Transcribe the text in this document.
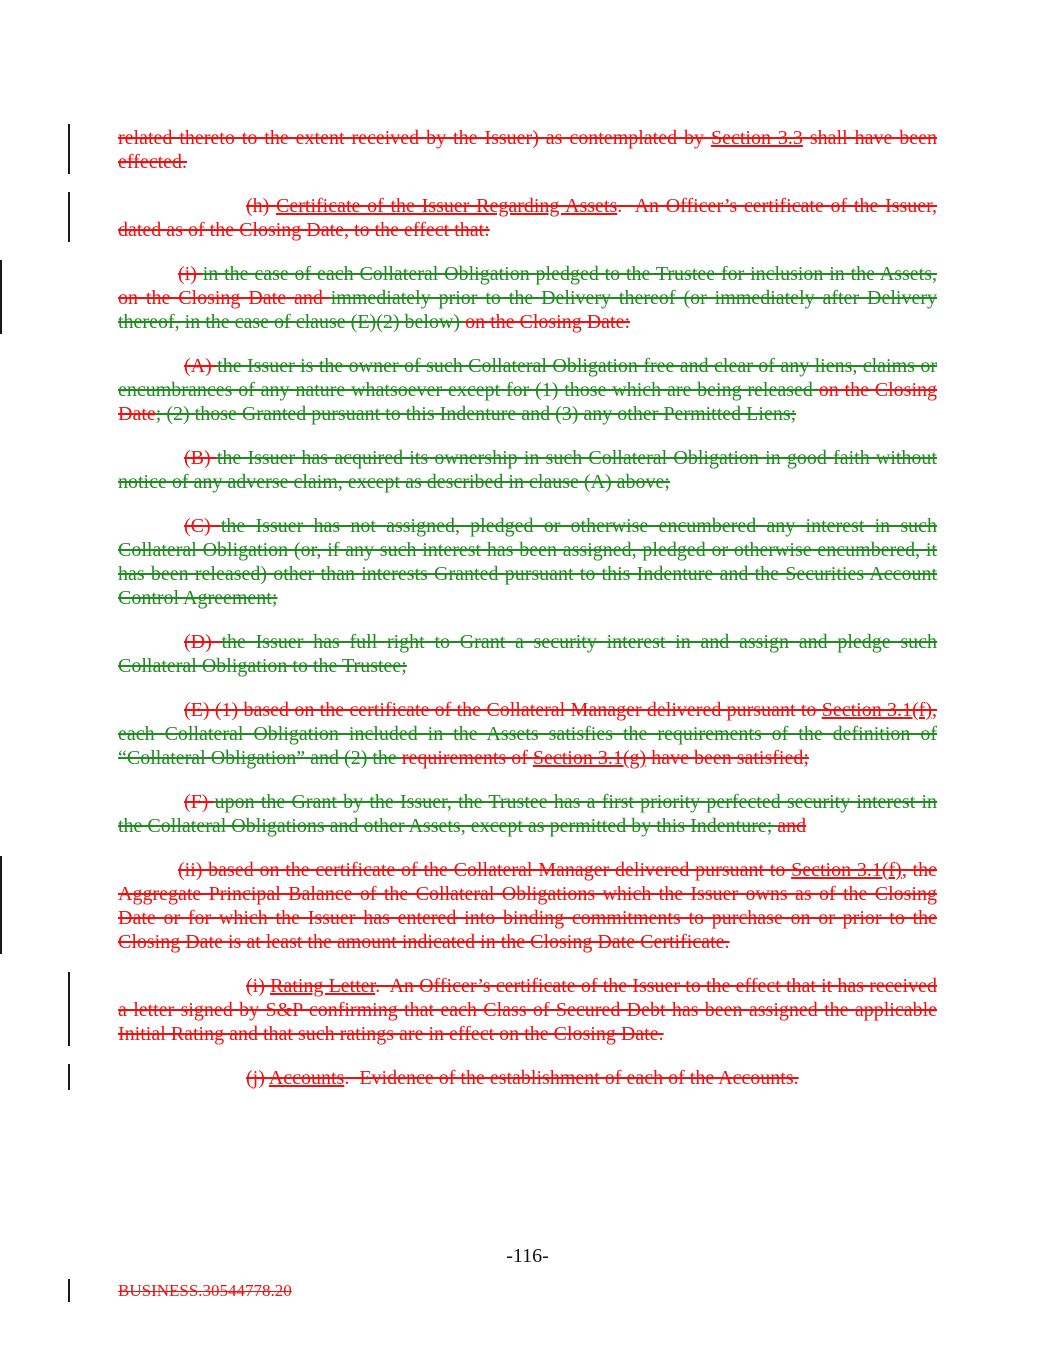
related thereto to the extent received by the Issuer) as contemplated by Section 3.3 shall have been effected.

(h) Certificate of the Issuer Regarding Assets.  An Officer’s certificate of the Issuer, dated as of the Closing Date, to the effect that:

(i) in the case of each Collateral Obligation pledged to the Trustee for inclusion in the Assets, on the Closing Date and immediately prior to the Delivery thereof (or immediately after Delivery thereof, in the case of clause (E)(2) below) on the Closing Date:

(A) the Issuer is the owner of such Collateral Obligation free and clear of any liens, claims or encumbrances of any nature whatsoever except for (1) those which are being released on the Closing Date; (2) those Granted pursuant to this Indenture and (3) any other Permitted Liens;

(B) the Issuer has acquired its ownership in such Collateral Obligation in good faith without notice of any adverse claim, except as described in clause (A) above;

(C) the Issuer has not assigned, pledged or otherwise encumbered any interest in such Collateral Obligation (or, if any such interest has been assigned, pledged or otherwise encumbered, it has been released) other than interests Granted pursuant to this Indenture and the Securities Account Control Agreement;

(D) the Issuer has full right to Grant a security interest in and assign and pledge such Collateral Obligation to the Trustee;

(E) (1) based on the certificate of the Collateral Manager delivered pursuant to Section 3.1(f), each Collateral Obligation included in the Assets satisfies the requirements of the definition of “Collateral Obligation” and (2) the requirements of Section 3.1(g) have been satisfied;

(F) upon the Grant by the Issuer, the Trustee has a first priority perfected security interest in the Collateral Obligations and other Assets, except as permitted by this Indenture; and

(ii) based on the certificate of the Collateral Manager delivered pursuant to Section 3.1(f), the Aggregate Principal Balance of the Collateral Obligations which the Issuer owns as of the Closing Date or for which the Issuer has entered into binding commitments to purchase on or prior to the Closing Date is at least the amount indicated in the Closing Date Certificate.

(i) Rating Letter.  An Officer’s certificate of the Issuer to the effect that it has received a letter signed by S&P confirming that each Class of Secured Debt has been assigned the applicable Initial Rating and that such ratings are in effect on the Closing Date.

(j) Accounts.  Evidence of the establishment of each of the Accounts.

-116-
BUSINESS.30544778.20
